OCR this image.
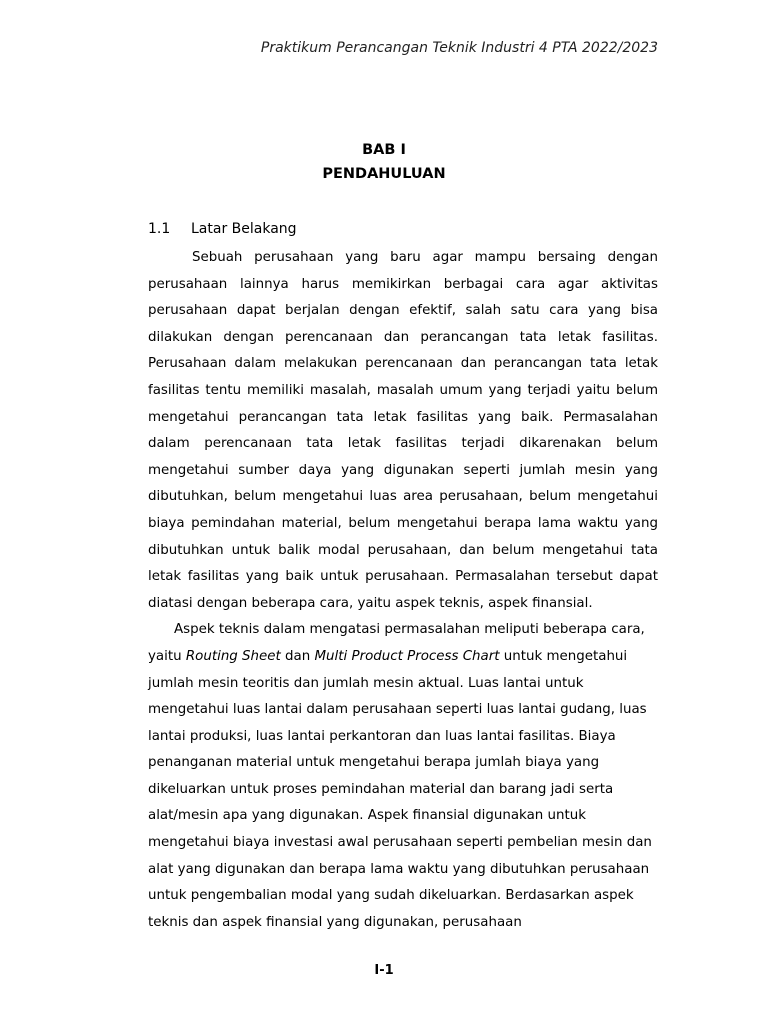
Praktikum Perancangan Teknik Industri 4 PTA 2022/2023
BAB I
PENDAHULUAN
1.1 Latar Belakang

Sebuah perusahaan yang baru agar mampu bersaing dengan perusahaan lainnya harus memikirkan berbagai cara agar aktivitas perusahaan dapat berjalan dengan efektif, salah satu cara yang bisa dilakukan dengan perencanaan dan perancangan tata letak fasilitas. Perusahaan dalam melakukan perencanaan dan perancangan tata letak fasilitas tentu memiliki masalah, masalah umum yang terjadi yaitu belum mengetahui perancangan tata letak fasilitas yang baik. Permasalahan dalam perencanaan tata letak fasilitas terjadi dikarenakan belum mengetahui sumber daya yang digunakan seperti jumlah mesin yang dibutuhkan, belum mengetahui luas area perusahaan, belum mengetahui biaya pemindahan material, belum mengetahui berapa lama waktu yang dibutuhkan untuk balik modal perusahaan, dan belum mengetahui tata letak fasilitas yang baik untuk perusahaan. Permasalahan tersebut dapat diatasi dengan beberapa cara, yaitu aspek teknis, aspek finansial.

Aspek teknis dalam mengatasi permasalahan meliputi beberapa cara, yaitu Routing Sheet dan Multi Product Process Chart untuk mengetahui jumlah mesin teoritis dan jumlah mesin aktual. Luas lantai untuk mengetahui luas lantai dalam perusahaan seperti luas lantai gudang, luas lantai produksi, luas lantai perkantoran dan luas lantai fasilitas. Biaya penanganan material untuk mengetahui berapa jumlah biaya yang dikeluarkan untuk proses pemindahan material dan barang jadi serta alat/mesin apa yang digunakan. Aspek finansial digunakan untuk mengetahui biaya investasi awal perusahaan seperti pembelian mesin dan alat yang digunakan dan berapa lama waktu yang dibutuhkan perusahaan untuk pengembalian modal yang sudah dikeluarkan. Berdasarkan aspek teknis dan aspek finansial yang digunakan, perusahaan

I-1
